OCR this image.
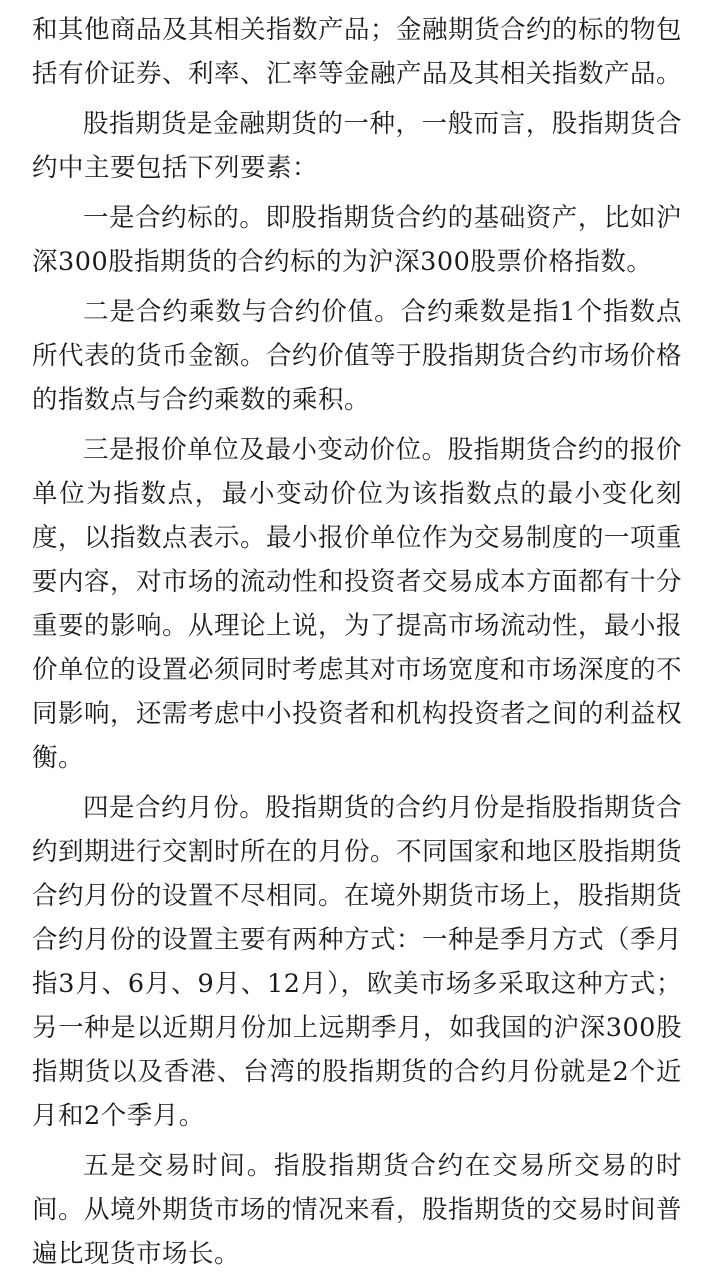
和其他商品及其相关指数产品；金融期货合约的标的物包括有价证券、利率、汇率等金融产品及其相关指数产品。

股指期货是金融期货的一种，一般而言，股指期货合约中主要包括下列要素：

一是合约标的。即股指期货合约的基础资产，比如沪深300股指期货的合约标的为沪深300股票价格指数。

二是合约乘数与合约价值。合约乘数是指1个指数点所代表的货币金额。合约价值等于股指期货合约市场价格的指数点与合约乘数的乘积。

三是报价单位及最小变动价位。股指期货合约的报价单位为指数点，最小变动价位为该指数点的最小变化刻度，以指数点表示。最小报价单位作为交易制度的一项重要内容，对市场的流动性和投资者交易成本方面都有十分重要的影响。从理论上说，为了提高市场流动性，最小报价单位的设置必须同时考虑其对市场宽度和市场深度的不同影响，还需考虑中小投资者和机构投资者之间的利益权衡。

四是合约月份。股指期货的合约月份是指股指期货合约到期进行交割时所在的月份。不同国家和地区股指期货合约月份的设置不尽相同。在境外期货市场上，股指期货合约月份的设置主要有两种方式：一种是季月方式（季月指3月、6月、9月、12月），欧美市场多采取这种方式；另一种是以近期月份加上远期季月，如我国的沪深300股指期货以及香港、台湾的股指期货的合约月份就是2个近月和2个季月。

五是交易时间。指股指期货合约在交易所交易的时间。从境外期货市场的情况来看，股指期货的交易时间普遍比现货市场长。
